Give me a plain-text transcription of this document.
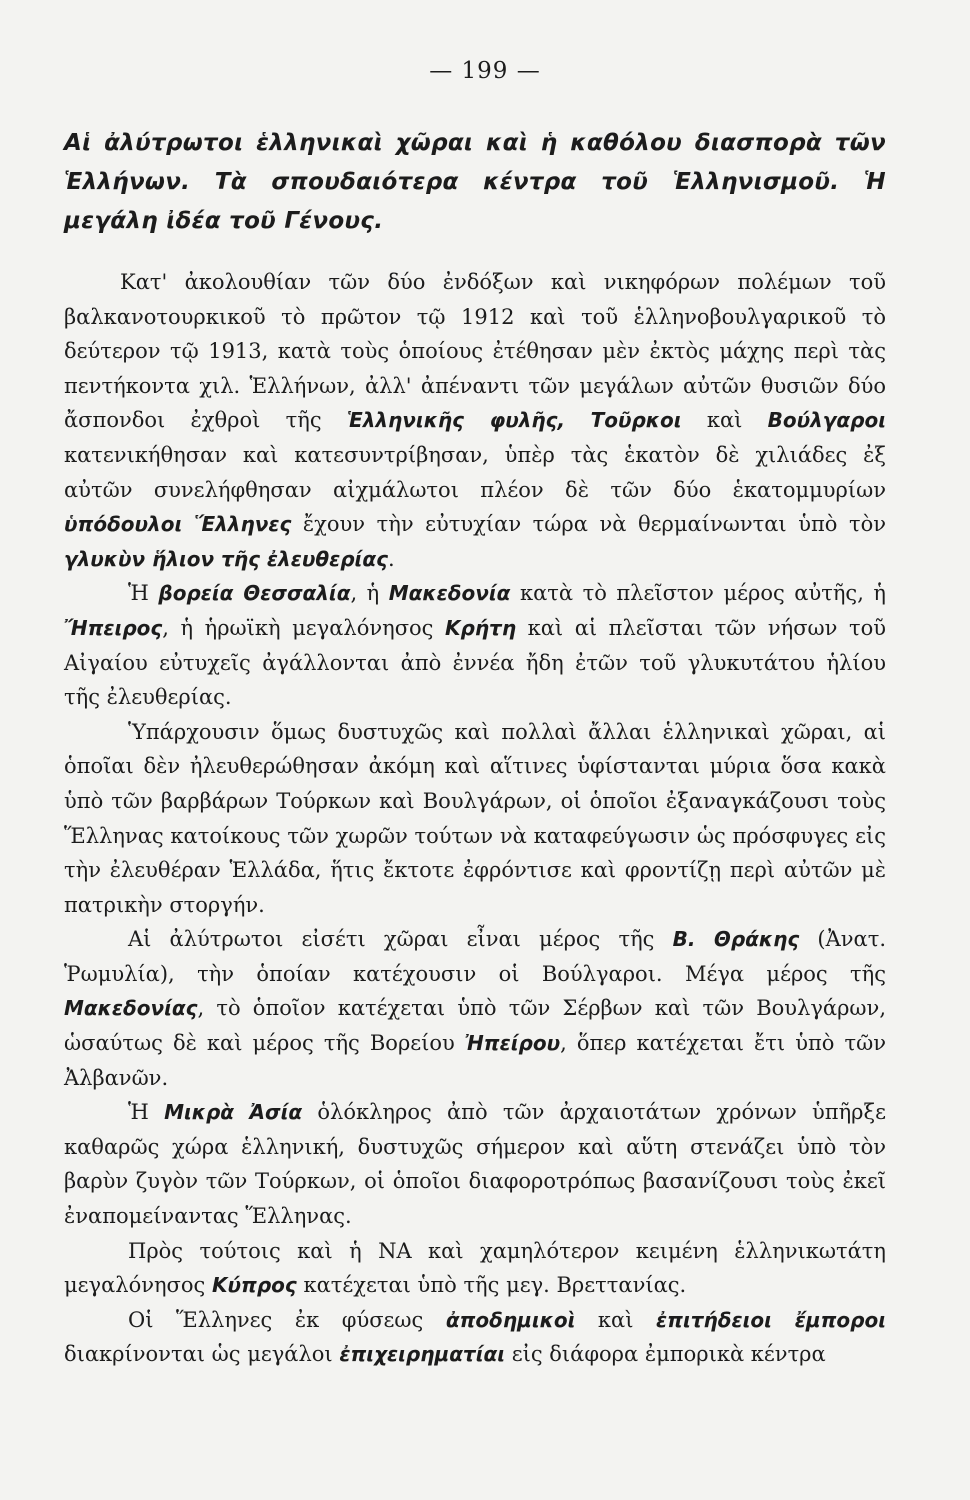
— 199 —
Αἱ ἀλύτρωτοι ἑλληνικαὶ χῶραι καὶ ἡ καθόλου διασπορὰ τῶν Ἑλλήνων. Τὰ σπουδαιότερα κέντρα τοῦ Ἑλληνισμοῦ. Ἡ μεγάλη ἰδέα τοῦ Γένους.

Κατ' ἀκολουθίαν τῶν δύο ἐνδόξων καὶ νικηφόρων πολέμων τοῦ βαλκανοτουρκικοῦ τὸ πρῶτον τῷ 1912 καὶ τοῦ ἑλληνοβουλγαρικοῦ τὸ δεύτερον τῷ 1913, κατὰ τοὺς ὁποίους ἐτέθησαν μὲν ἐκτὸς μάχης περὶ τὰς πεντήκοντα χιλ. Ἑλλήνων, ἀλλ' ἀπέναντι τῶν μεγάλων αὐτῶν θυσιῶν δύο ἄσπονδοι ἐχθροὶ τῆς Ἑλληνικῆς φυλῆς, Τοῦρκοι καὶ Βούλγαροι κατενικήθησαν καὶ κατεσυντρίβησαν, ὑπὲρ τὰς ἑκατὸν δὲ χιλιάδες ἐξ αὐτῶν συνελήφθησαν αἰχμάλωτοι πλέον δὲ τῶν δύο ἑκατομμυρίων ὑπόδουλοι Ἕλληνες ἔχουν τὴν εὐτυχίαν τώρα νὰ θερμαίνωνται ὑπὸ τὸν γλυκὺν ἥλιον τῆς ἐλευθερίας.

Ἡ βορεία Θεσσαλία, ἡ Μακεδονία κατὰ τὸ πλεῖστον μέρος αὐτῆς, ἡ Ἤπειρος, ἡ ἡρωϊκὴ μεγαλόνησος Κρήτη καὶ αἱ πλεῖσται τῶν νήσων τοῦ Αἰγαίου εὐτυχεῖς ἀγάλλονται ἀπὸ ἐννέα ἤδη ἐτῶν τοῦ γλυκυτάτου ἡλίου τῆς ἐλευθερίας.

Ὑπάρχουσιν ὅμως δυστυχῶς καὶ πολλαὶ ἄλλαι ἑλληνικαὶ χῶραι, αἱ ὁποῖαι δὲν ἠλευθερώθησαν ἀκόμη καὶ αἵτινες ὑφίστανται μύρια ὅσα κακὰ ὑπὸ τῶν βαρβάρων Τούρκων καὶ Βουλγάρων, οἱ ὁποῖοι ἐξαναγκάζουσι τοὺς Ἕλληνας κατοίκους τῶν χωρῶν τούτων νὰ καταφεύγωσιν ὡς πρόσφυγες εἰς τὴν ἐλευθέραν Ἑλλάδα, ἥτις ἔκτοτε ἐφρόντισε καὶ φροντίζῃ περὶ αὐτῶν μὲ πατρικὴν στοργήν.

Αἱ ἀλύτρωτοι εἰσέτι χῶραι εἶναι μέρος τῆς Β. Θράκης (Ἀνατ. Ῥωμυλία), τὴν ὁποίαν κατέχουσιν οἱ Βούλγαροι. Μέγα μέρος τῆς Μακεδονίας, τὸ ὁποῖον κατέχεται ὑπὸ τῶν Σέρβων καὶ τῶν Βουλγάρων, ὡσαύτως δὲ καὶ μέρος τῆς Βορείου Ἠπείρου, ὅπερ κατέχεται ἔτι ὑπὸ τῶν Ἀλβανῶν.

Ἡ Μικρὰ Ἀσία ὁλόκληρος ἀπὸ τῶν ἀρχαιοτάτων χρόνων ὑπῆρξε καθαρῶς χώρα ἑλληνική, δυστυχῶς σήμερον καὶ αὕτη στενάζει ὑπὸ τὸν βαρὺν ζυγὸν τῶν Τούρκων, οἱ ὁποῖοι διαφοροτρόπως βασανίζουσι τοὺς ἐκεῖ ἐναπομείναντας Ἕλληνας.

Πρὸς τούτοις καὶ ἡ ΝΑ καὶ χαμηλότερον κειμένη ἑλληνικωτάτη μεγαλόνησος Κύπρος κατέχεται ὑπὸ τῆς μεγ. Βρεττανίας.

Οἱ Ἕλληνες ἐκ φύσεως ἀποδημικοὶ καὶ ἐπιτήδειοι ἔμποροι διακρίνονται ὡς μεγάλοι ἐπιχειρηματίαι εἰς διάφορα ἐμπορικὰ κέντρα
